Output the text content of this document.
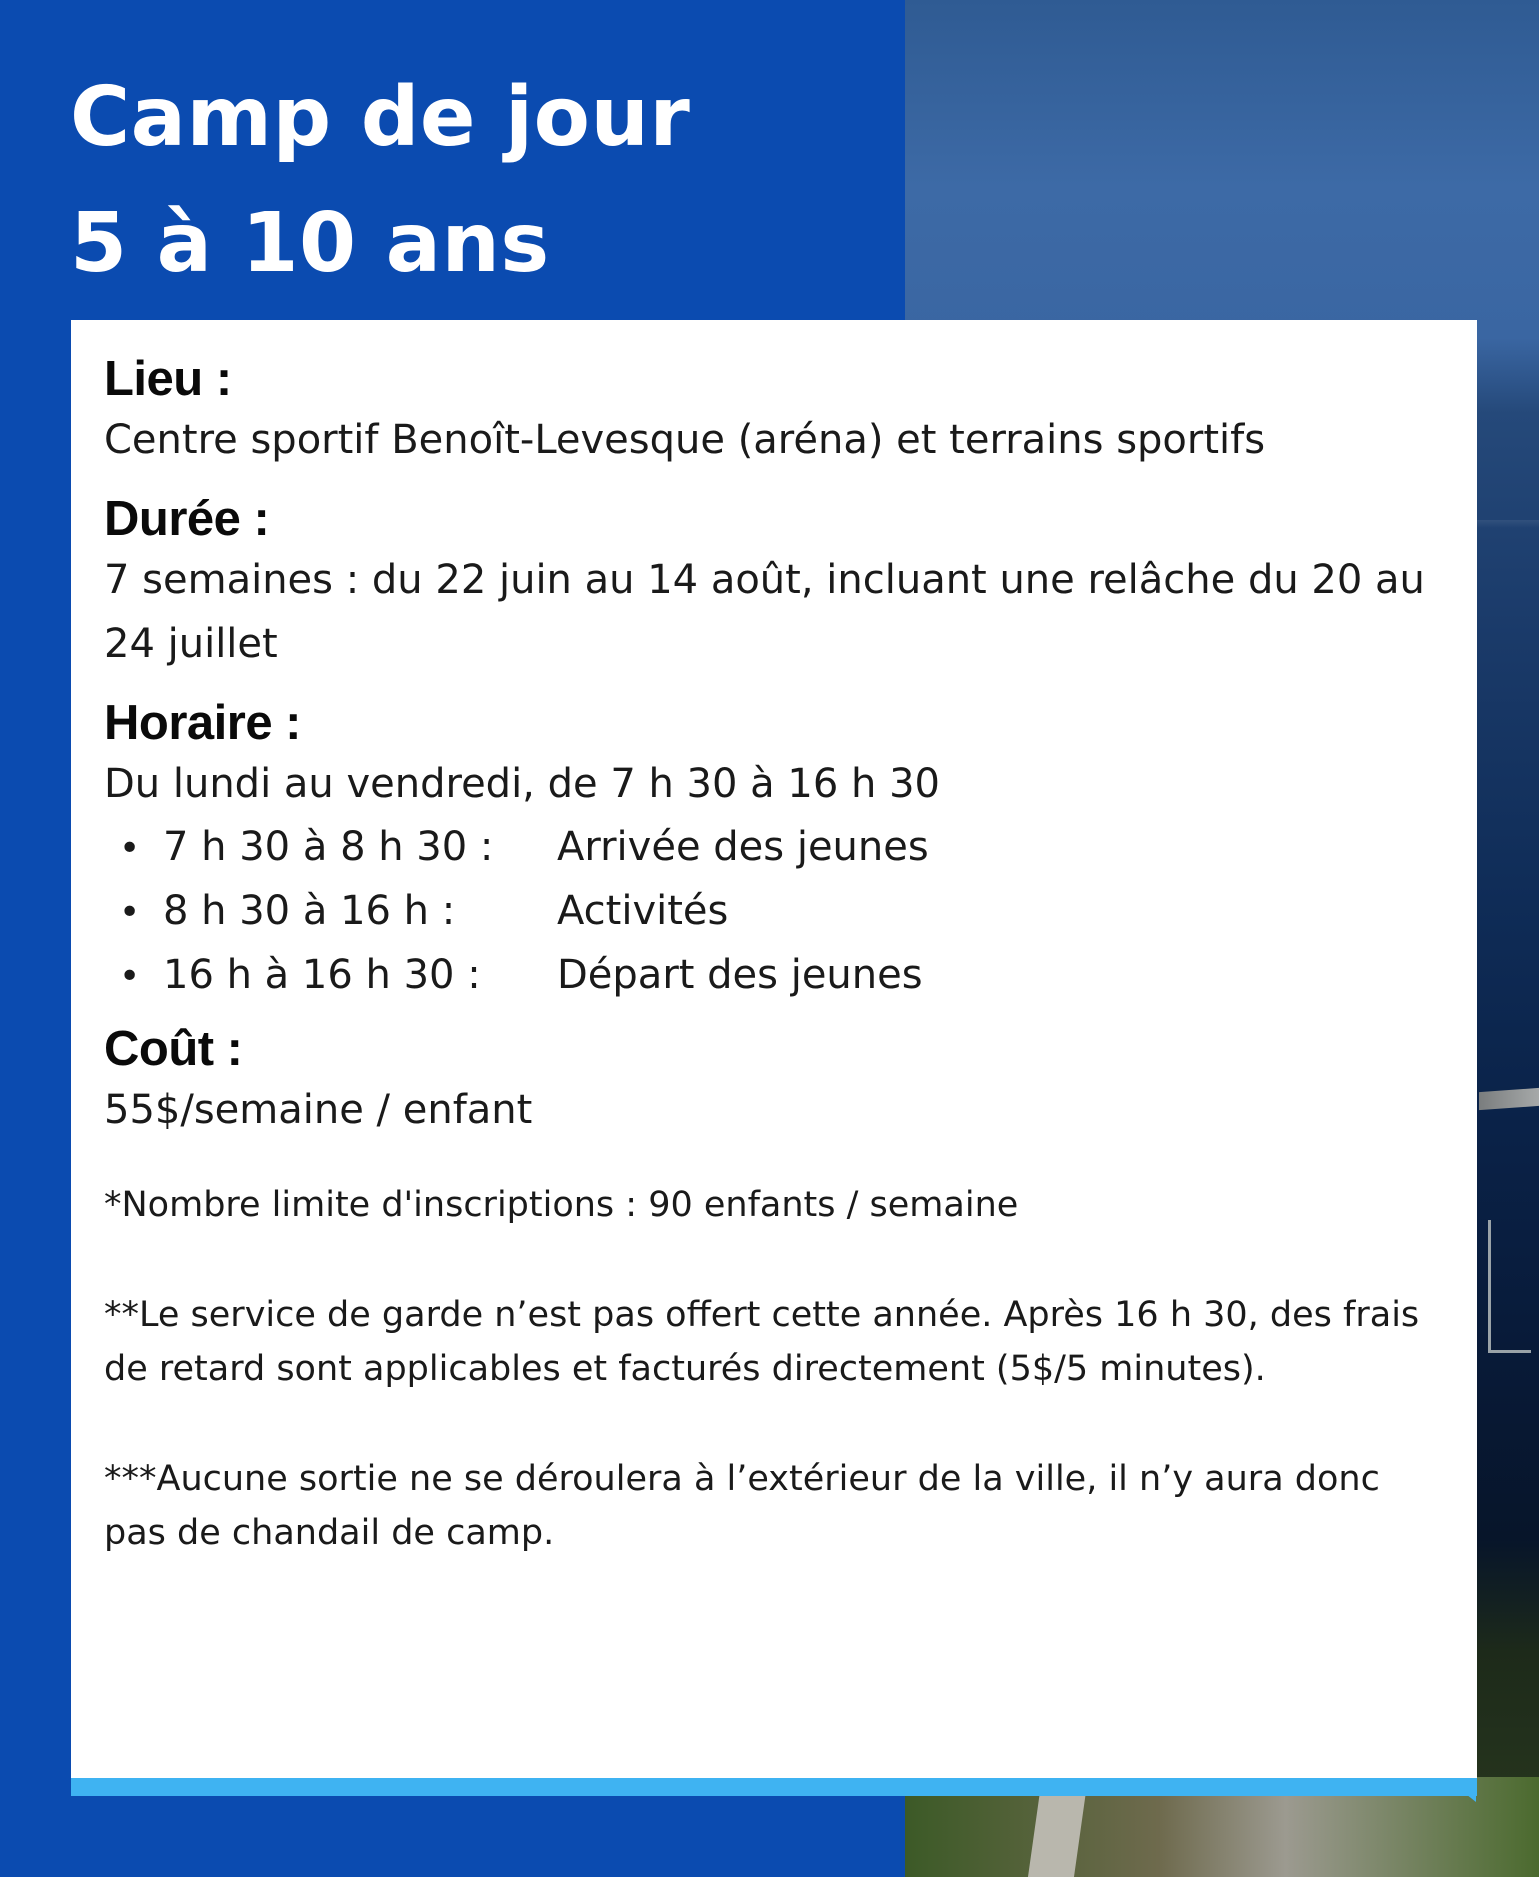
Camp de jour
5 à 10 ans
Lieu :

Centre sportif Benoît-Levesque (aréna) et terrains sportifs

Durée :

7 semaines : du 22 juin au 14 août, incluant une relâche du 20 au 24 juillet

Horaire :

Du lundi au vendredi, de 7 h 30 à 16 h 30

•
7 h 30 à 8 h 30 :	Arrivée des jeunes
•
8 h 30 à 16 h :	Activités
•
16 h à 16 h 30 :	Départ des jeunes
Coût :

55$/semaine / enfant

*Nombre limite d'inscriptions : 90 enfants / semaine

**Le service de garde n’est pas offert cette année. Après 16 h 30, des frais de retard sont applicables et facturés directement (5$/5 minutes).

***Aucune sortie ne se déroulera à l’extérieur de la ville, il n’y aura donc pas de chandail de camp.
